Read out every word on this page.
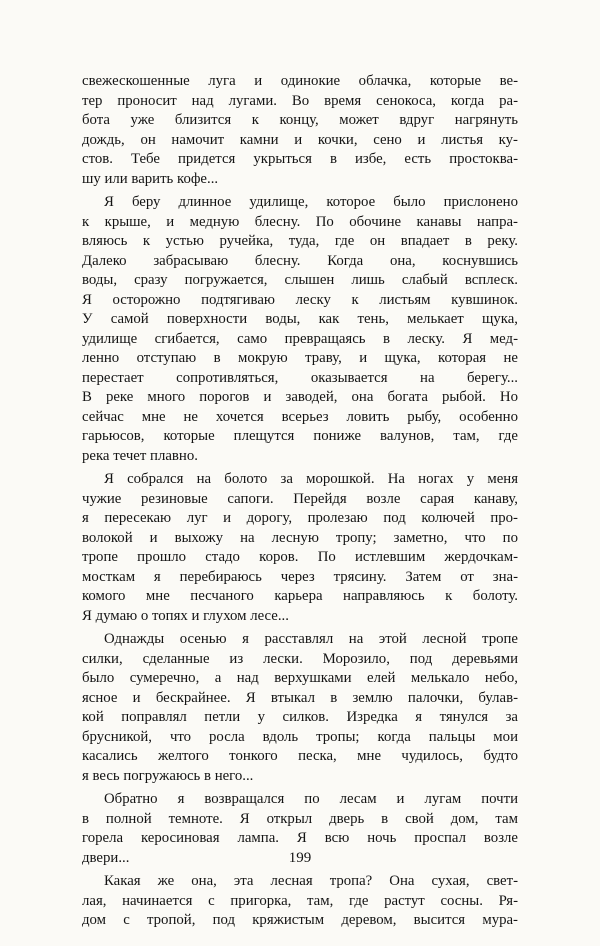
свежескошенные луга и одинокие облачка, которые ве-
тер проносит над лугами. Во время сенокоса, когда ра-
бота уже близится к концу, может вдруг нагрянуть
дождь, он намочит камни и кочки, сено и листья ку-
стов. Тебе придется укрыться в избе, есть простоква-
шу или варить кофе...
Я беру длинное удилище, которое было прислонено
к крыше, и медную блесну. По обочине канавы напра-
вляюсь к устью ручейка, туда, где он впадает в реку.
Далеко забрасываю блесну. Когда она, коснувшись
воды, сразу погружается, слышен лишь слабый всплеск.
Я осторожно подтягиваю леску к листьям кувшинок.
У самой поверхности воды, как тень, мелькает щука,
удилище сгибается, само превращаясь в леску. Я мед-
ленно отступаю в мокрую траву, и щука, которая не
перестает сопротивляться, оказывается на берегу...
В реке много порогов и заводей, она богата рыбой. Но
сейчас мне не хочется всерьез ловить рыбу, особенно
гарьюсов, которые плещутся пониже валунов, там, где
река течет плавно.
Я собрался на болото за морошкой. На ногах у меня
чужие резиновые сапоги. Перейдя возле сарая канаву,
я пересекаю луг и дорогу, пролезаю под колючей про-
волокой и выхожу на лесную тропу; заметно, что по
тропе прошло стадо коров. По истлевшим жердочкам-
мосткам я перебираюсь через трясину. Затем от зна-
комого мне песчаного карьера направляюсь к болоту.
Я думаю о топях и глухом лесе...
Однажды осенью я расставлял на этой лесной тропе
силки, сделанные из лески. Морозило, под деревьями
было сумеречно, а над верхушками елей мелькало небо,
ясное и бескрайнее. Я втыкал в землю палочки, булав-
кой поправлял петли у силков. Изредка я тянулся за
брусникой, что росла вдоль тропы; когда пальцы мои
касались желтого тонкого песка, мне чудилось, будто
я весь погружаюсь в него...
Обратно я возвращался по лесам и лугам почти
в полной темноте. Я открыл дверь в свой дом, там
горела керосиновая лампа. Я всю ночь проспал возле
двери...
Какая же она, эта лесная тропа? Она сухая, свет-
лая, начинается с пригорка, там, где растут сосны. Ря-
дом с тропой, под кряжистым деревом, высится мура-
199
